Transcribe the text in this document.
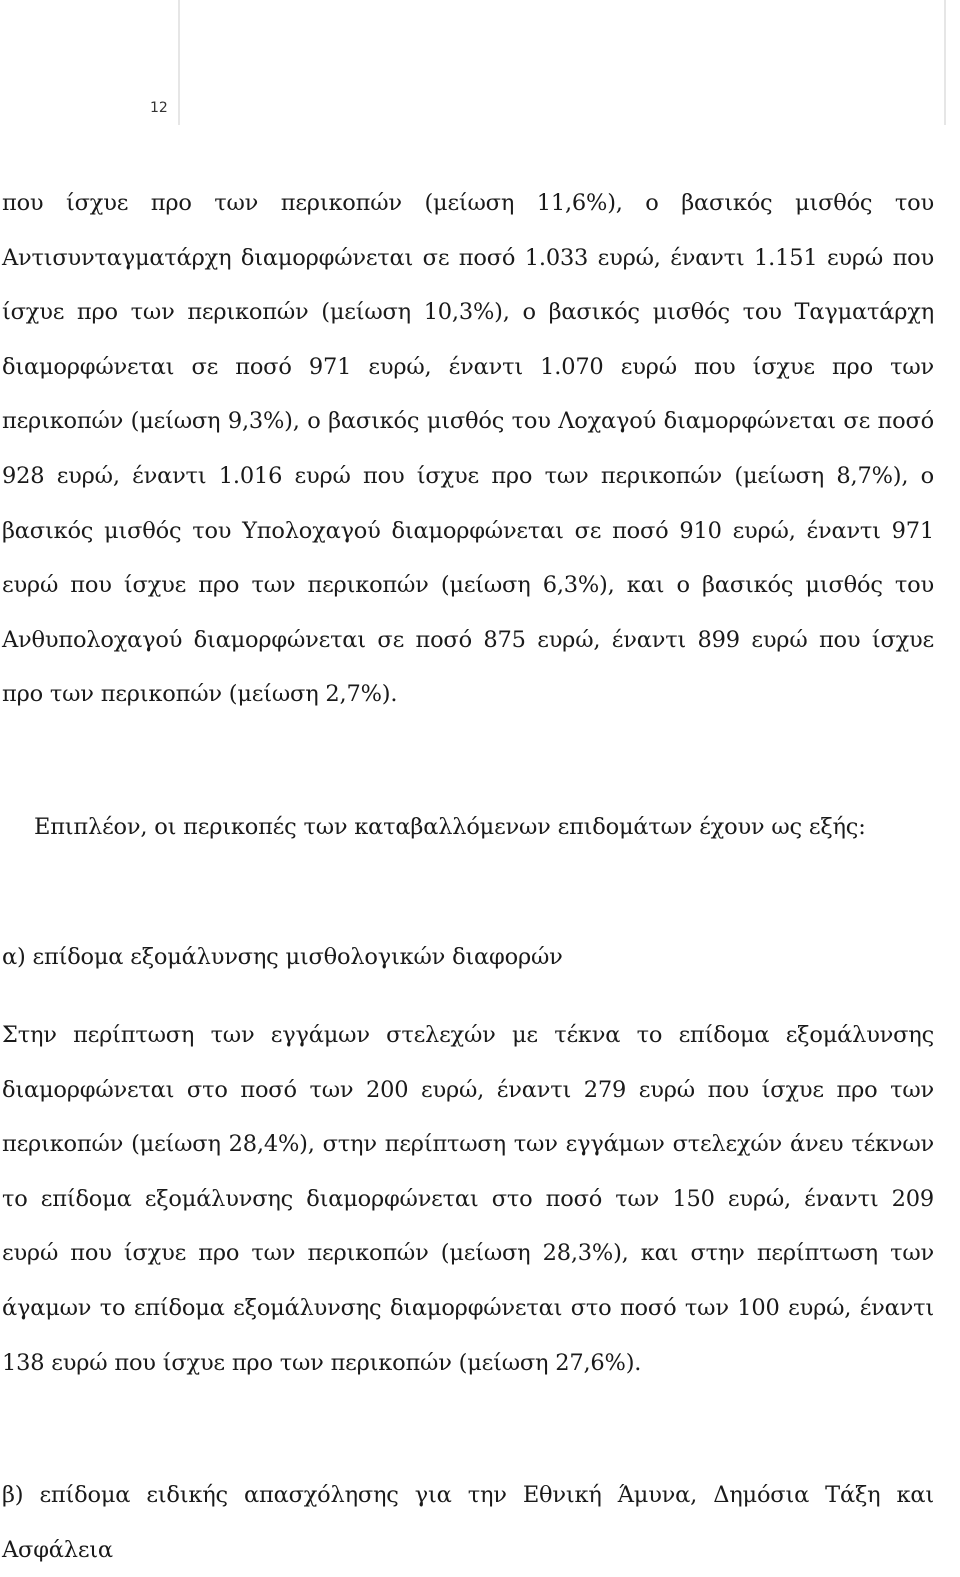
12

που ίσχυε προ των περικοπών (μείωση 11,6%), ο βασικός μισθός του Αντισυνταγματάρχη διαμορφώνεται σε ποσό 1.033 ευρώ, έναντι 1.151 ευρώ που ίσχυε προ των περικοπών (μείωση 10,3%), ο βασικός μισθός του Ταγματάρχη διαμορφώνεται σε ποσό 971 ευρώ, έναντι 1.070 ευρώ που ίσχυε προ των περικοπών (μείωση 9,3%), ο βασικός μισθός του Λοχαγού διαμορφώνεται σε ποσό 928 ευρώ, έναντι 1.016 ευρώ που ίσχυε προ των περικοπών (μείωση 8,7%), ο βασικός μισθός του Υπολοχαγού διαμορφώνεται σε ποσό 910 ευρώ, έναντι 971 ευρώ που ίσχυε προ των περικοπών (μείωση 6,3%), και ο βασικός μισθός του Ανθυπολοχαγού διαμορφώνεται σε ποσό 875 ευρώ, έναντι 899 ευρώ που ίσχυε προ των περικοπών (μείωση 2,7%).

Επιπλέον, οι περικοπές των καταβαλλόμενων επιδομάτων έχουν ως εξής:

α) επίδομα εξομάλυνσης μισθολογικών διαφορών

Στην περίπτωση των εγγάμων στελεχών με τέκνα το επίδομα εξομάλυνσης διαμορφώνεται στο ποσό των 200 ευρώ, έναντι 279 ευρώ που ίσχυε προ των περικοπών (μείωση 28,4%), στην περίπτωση των εγγάμων στελεχών άνευ τέκνων το επίδομα εξομάλυνσης διαμορφώνεται στο ποσό των 150 ευρώ, έναντι 209 ευρώ που ίσχυε προ των περικοπών (μείωση 28,3%), και στην περίπτωση των άγαμων το επίδομα εξομάλυνσης διαμορφώνεται στο ποσό των 100 ευρώ, έναντι 138 ευρώ που ίσχυε προ των περικοπών (μείωση 27,6%).

β) επίδομα ειδικής απασχόλησης για την Εθνική Άμυνα, Δημόσια Τάξη και Ασφάλεια
